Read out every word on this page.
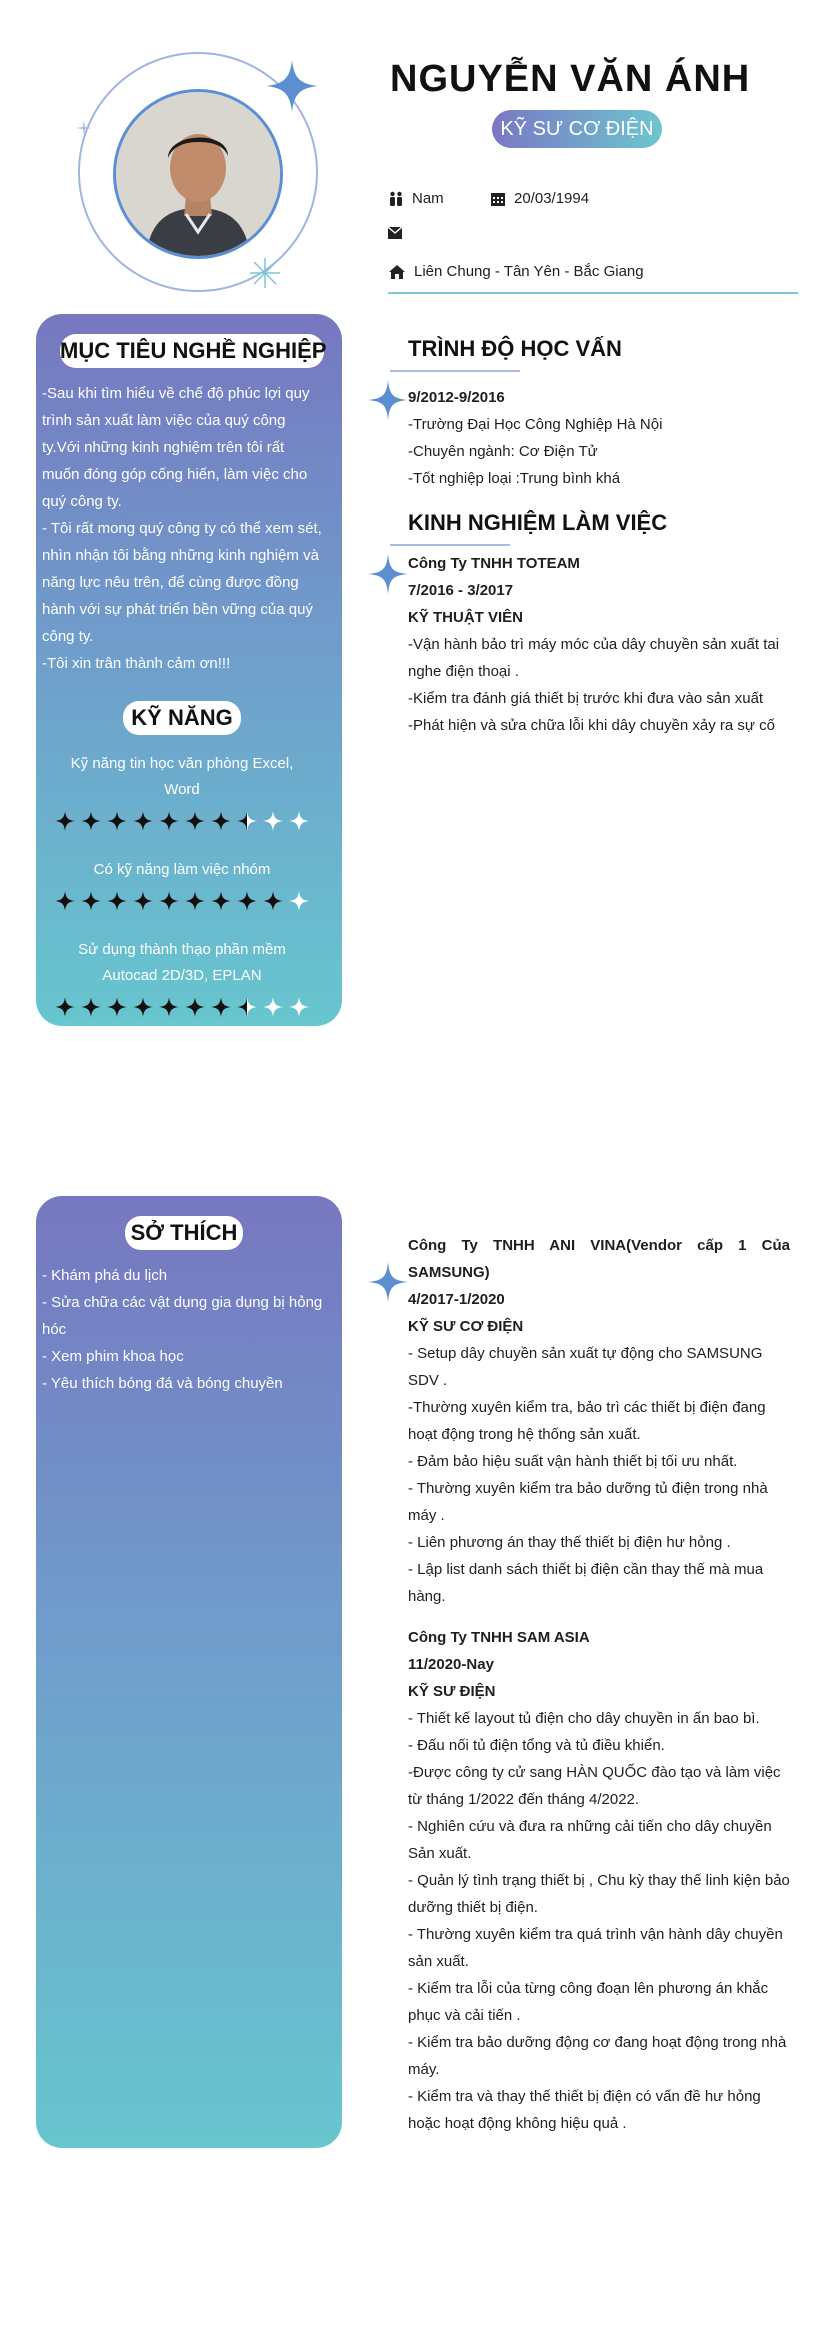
NGUYỄN VĂN ÁNH
KỸ SƯ CƠ ĐIỆN
Nam	20/03/1994
Liên Chung - Tân Yên - Bắc Giang
MỤC TIÊU NGHỀ NGHIỆP

-Sau khi tìm hiểu về chế độ phúc lợi quy trình sản xuất làm việc của quý công ty.Với những kinh nghiệm trên tôi rất muốn đóng góp cống hiến, làm việc cho quý công ty.

- Tôi rất mong quý công ty có thể xem sét, nhìn nhận tôi bằng những kinh nghiệm và năng lực nêu trên, để cùng được đồng hành với sự phát triển bền vững của quý công ty.

-Tôi xin trân thành cảm ơn!!!

KỸ NĂNG

Kỹ năng tin học văn phòng Excel, Word

Có kỹ năng làm việc nhóm

Sử dụng thành thạo phần mềm Autocad 2D/3D, EPLAN

TRÌNH ĐỘ HỌC VẤN
9/2012-9/2016

-Trường Đại Học Công Nghiệp Hà Nội

-Chuyên ngành: Cơ Điện Tử

-Tốt nghiệp loại :Trung bình khá

KINH NGHIỆM LÀM VIỆC
Công Ty TNHH TOTEAM
7/2016 - 3/2017
KỸ THUẬT VIÊN

-Vận hành bảo trì máy móc của dây chuyền sản xuất tai nghe điện thoại .

-Kiểm tra đánh giá thiết bị trước khi đưa vào sản xuất

-Phát hiện và sửa chữa lỗi khi dây chuyền xảy ra sự cố

SỞ THÍCH

- Khám phá du lịch

- Sửa chữa các vật dụng gia dụng bị hỏng hóc

- Xem phim khoa học

- Yêu thích bóng đá và bóng chuyền

Công Ty TNHH ANI VINA(Vendor cấp 1 Của SAMSUNG)
4/2017-1/2020
KỸ SƯ CƠ ĐIỆN

- Setup dây chuyền sản xuất tự động cho SAMSUNG SDV .

-Thường xuyên kiểm tra, bảo trì các thiết bị điện đang hoạt động trong hệ thống sản xuất.

- Đảm bảo hiệu suất vận hành thiết bị tối ưu nhất.

- Thường xuyên kiểm tra bảo dưỡng tủ điện trong nhà máy .

- Liên phương án thay thế thiết bị điện hư hỏng .

- Lập list danh sách thiết bị điện cần thay thế mà mua hàng.

Công Ty TNHH SAM ASIA
11/2020-Nay
KỸ SƯ ĐIỆN

- Thiết kế layout tủ điện cho dây chuyền in ấn bao bì.

- Đấu nối tủ điện tổng và tủ điều khiển.

-Được công ty cử sang HÀN QUỐC đào tạo và làm việc từ tháng 1/2022 đến tháng 4/2022.

- Nghiên cứu và đưa ra những cải tiến cho dây chuyền Sản xuất.

- Quản lý tình trạng thiết bị , Chu kỳ thay thế linh kiện bảo dưỡng thiết bị điện.

- Thường xuyên kiểm tra quá trình vận hành dây chuyền sản xuất.

- Kiểm tra lỗi của từng công đoạn lên phương án khắc phục và cải tiến .

- Kiểm tra bảo dưỡng động cơ đang hoạt động trong nhà máy.

- Kiểm tra và thay thế thiết bị điện có vấn đề hư hỏng hoặc hoạt động không hiệu quả .
